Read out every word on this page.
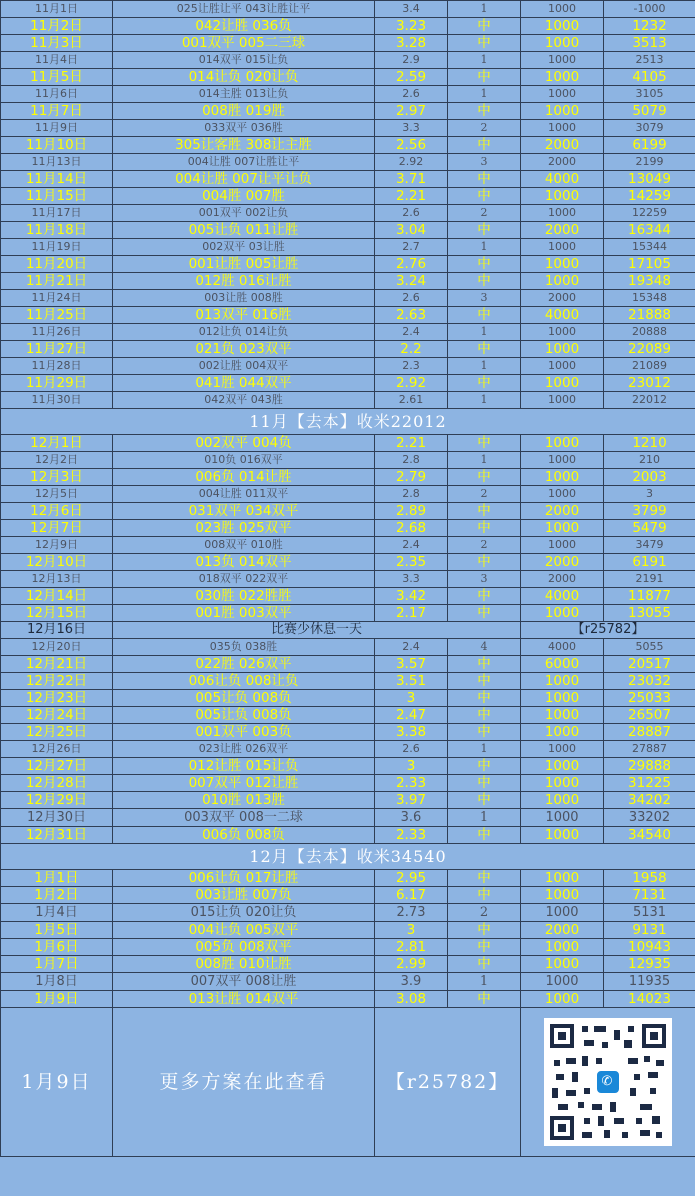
11月1日	025让胜让平 043让胜让平	3.4	1	1000	-1000
11月2日	042让胜 036负	3.23	中	1000	1232
11月3日	001双平 005二三球	3.28	中	1000	3513
11月4日	014双平 015让负	2.9	1	1000	2513
11月5日	014让负 020让负	2.59	中	1000	4105
11月6日	014主胜 013让负	2.6	1	1000	3105
11月7日	008胜 019胜	2.97	中	1000	5079
11月9日	033双平 036胜	3.3	2	1000	3079
11月10日	305让客胜 308让主胜	2.56	中	2000	6199
11月13日	004让胜 007让胜让平	2.92	3	2000	2199
11月14日	004让胜 007让平让负	3.71	中	4000	13049
11月15日	004胜 007胜	2.21	中	1000	14259
11月17日	001双平 002让负	2.6	2	1000	12259
11月18日	005让负 011让胜	3.04	中	2000	16344
11月19日	002双平 03让胜	2.7	1	1000	15344
11月20日	001让胜 005让胜	2.76	中	1000	17105
11月21日	012胜 016让胜	3.24	中	1000	19348
11月24日	003让胜 008胜	2.6	3	2000	15348
11月25日	013双平 016胜	2.63	中	4000	21888
11月26日	012让负 014让负	2.4	1	1000	20888
11月27日	021负 023双平	2.2	中	1000	22089
11月28日	002让胜 004双平	2.3	1	1000	21089
11月29日	041胜 044双平	2.92	中	1000	23012
11月30日	042双平 043胜	2.61	1	1000	22012
11月【去本】收米22012					
12月1日	002双平 004负	2.21	中	1000	1210
12月2日	010负 016双平	2.8	1	1000	210
12月3日	006负 014让胜	2.79	中	1000	2003
12月5日	004让胜 011双平	2.8	2	1000	3
12月6日	031双平 034双平	2.89	中	2000	3799
12月7日	023胜 025双平	2.68	中	1000	5479
12月9日	008双平 010胜	2.4	2	1000	3479
12月10日	013负 014双平	2.35	中	2000	6191
12月13日	018双平 022双平	3.3	3	2000	2191
12月14日	030胜 022胜胜	3.42	中	4000	11877
12月15日	001胜 003双平	2.17	中	1000	13055
12月16日	比赛少休息一天			【r25782】	
12月20日	035负 038胜	2.4	4	4000	5055
12月21日	022胜 026双平	3.57	中	6000	20517
12月22日	006让负 008让负	3.51	中	1000	23032
12月23日	005让负 008负	3	中	1000	25033
12月24日	005让负 008负	2.47	中	1000	26507
12月25日	001双平 003负	3.38	中	1000	28887
12月26日	023让胜 026双平	2.6	1	1000	27887
12月27日	012让胜 015让负	3	中	1000	29888
12月28日	007双平 012让胜	2.33	中	1000	31225
12月29日	010胜 013胜	3.97	中	1000	34202
12月30日	003双平 008一二球	3.6	1	1000	33202
12月31日	006负 008负	2.33	中	1000	34540
12月【去本】收米34540					
1月1日	006让负 017让胜	2.95	中	1000	1958
1月2日	003让胜 007负	6.17	中	1000	7131
1月4日	015让负 020让负	2.73	2	1000	5131
1月5日	004让负 005双平	3	中	2000	9131
1月6日	005负 008双平	2.81	中	1000	10943
1月7日	008胜 010让胜	2.99	中	1000	12935
1月8日	007双平 008让胜	3.9	1	1000	11935
1月9日	013让胜 014双平	3.08	中	1000	14023
1月9日	更多方案在此查看	【r25782】		✆	
